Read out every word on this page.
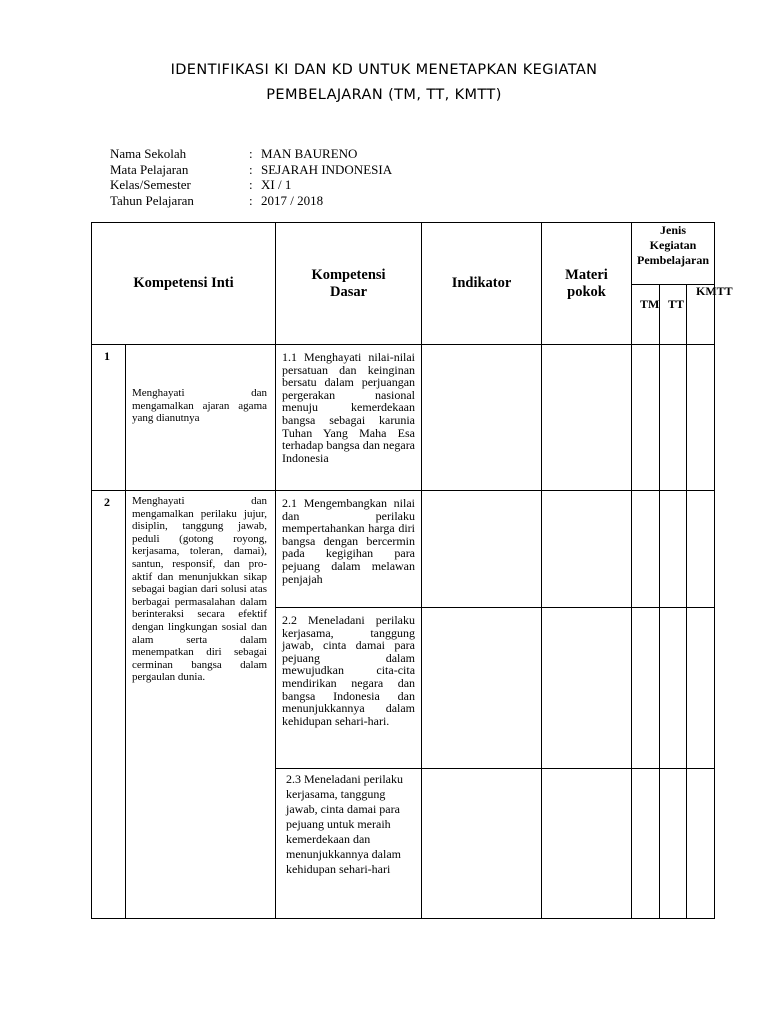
IDENTIFIKASI KI DAN KD UNTUK MENETAPKAN KEGIATAN
PEMBELAJARAN (TM, TT, KMTT)
Nama Sekolah	: MAN BAURENO
Mata Pelajaran	: SEJARAH INDONESIA
Kelas/Semester	: XI / 1
Tahun Pelajaran	: 2017 / 2018
Kompetensi Inti		Kompetensi Dasar	Indikator	Materi pokok	Jenis Kegiatan Pembelajaran		
					TM	TT	KMTT
1	Menghayati dan mengamalkan ajaran agama yang dianutnya	1.1 Menghayati nilai-nilai persatuan dan keinginan bersatu dalam perjuangan pergerakan nasional menuju kemerdekaan bangsa sebagai karunia Tuhan Yang Maha Esa terhadap bangsa dan negara Indonesia					
2	Menghayati dan mengamalkan perilaku jujur, disiplin, tanggung jawab, peduli (gotong royong, kerjasama, toleran, damai), santun, responsif, dan pro-aktif dan menunjukkan sikap sebagai bagian dari solusi atas berbagai permasalahan dalam berinteraksi secara efektif dengan lingkungan sosial dan alam serta dalam menempatkan diri sebagai cerminan bangsa dalam pergaulan dunia.	2.1 Mengembangkan nilai dan perilaku mempertahankan harga diri bangsa dengan bercermin pada kegigihan para pejuang dalam melawan penjajah					
		2.2 Meneladani perilaku kerjasama, tanggung jawab, cinta damai para pejuang dalam mewujudkan cita-cita mendirikan negara dan bangsa Indonesia dan menunjukkannya dalam kehidupan sehari-hari.					
		2.3 Meneladani perilaku kerjasama, tanggung jawab, cinta damai para pejuang untuk meraih kemerdekaan dan menunjukkannya dalam kehidupan sehari-hari					
